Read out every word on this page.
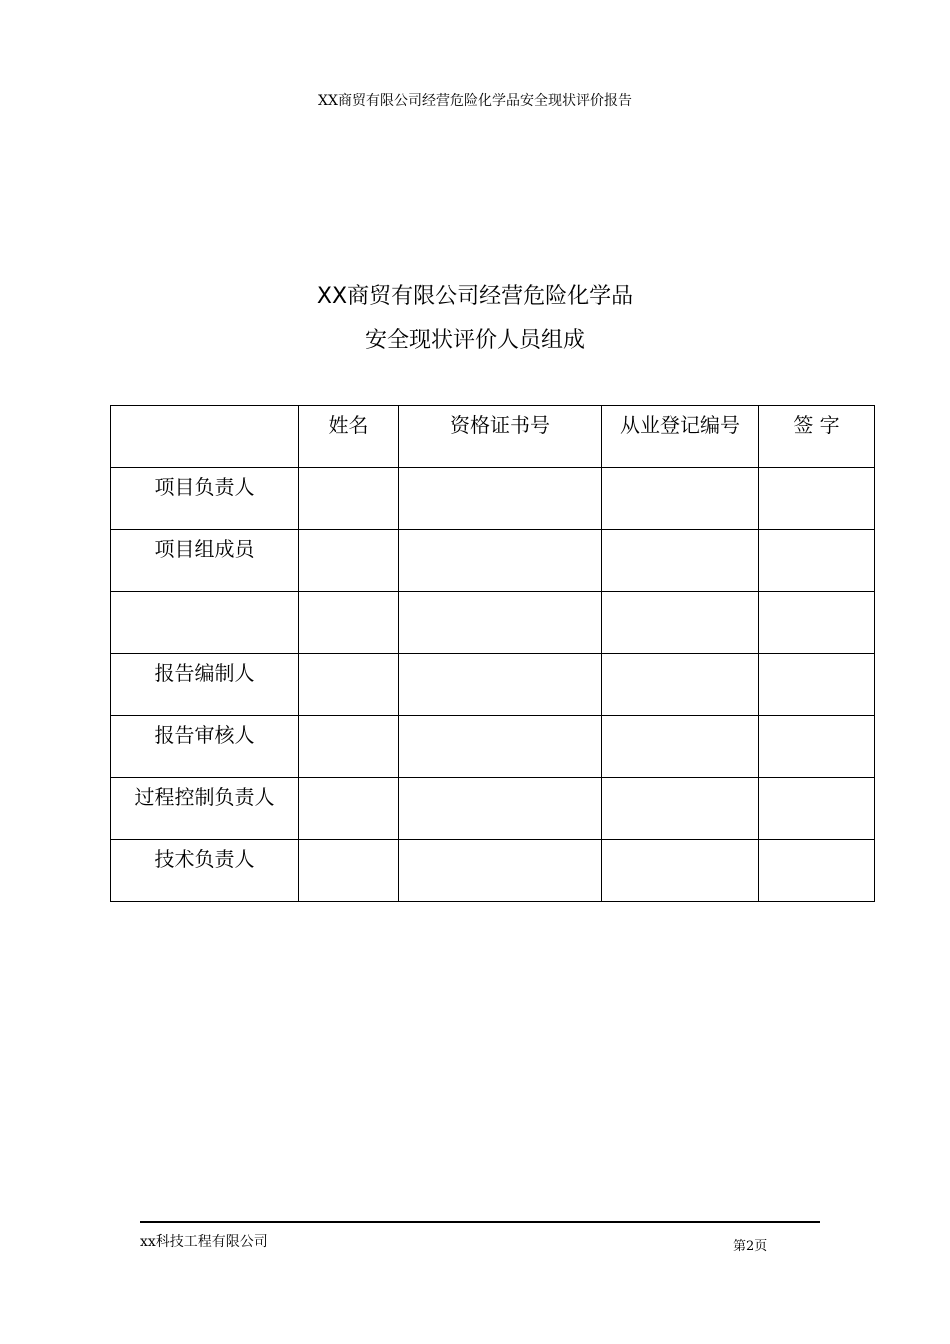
XX商贸有限公司经营危险化学品安全现状评价报告

XX商贸有限公司经营危险化学品

安全现状评价人员组成

	姓名	资格证书号	从业登记编号	签 字
项目负责人				
项目组成员				

报告编制人				
报告审核人				
过程控制负责人				
技术负责人				
xx科技工程有限公司	第2页
